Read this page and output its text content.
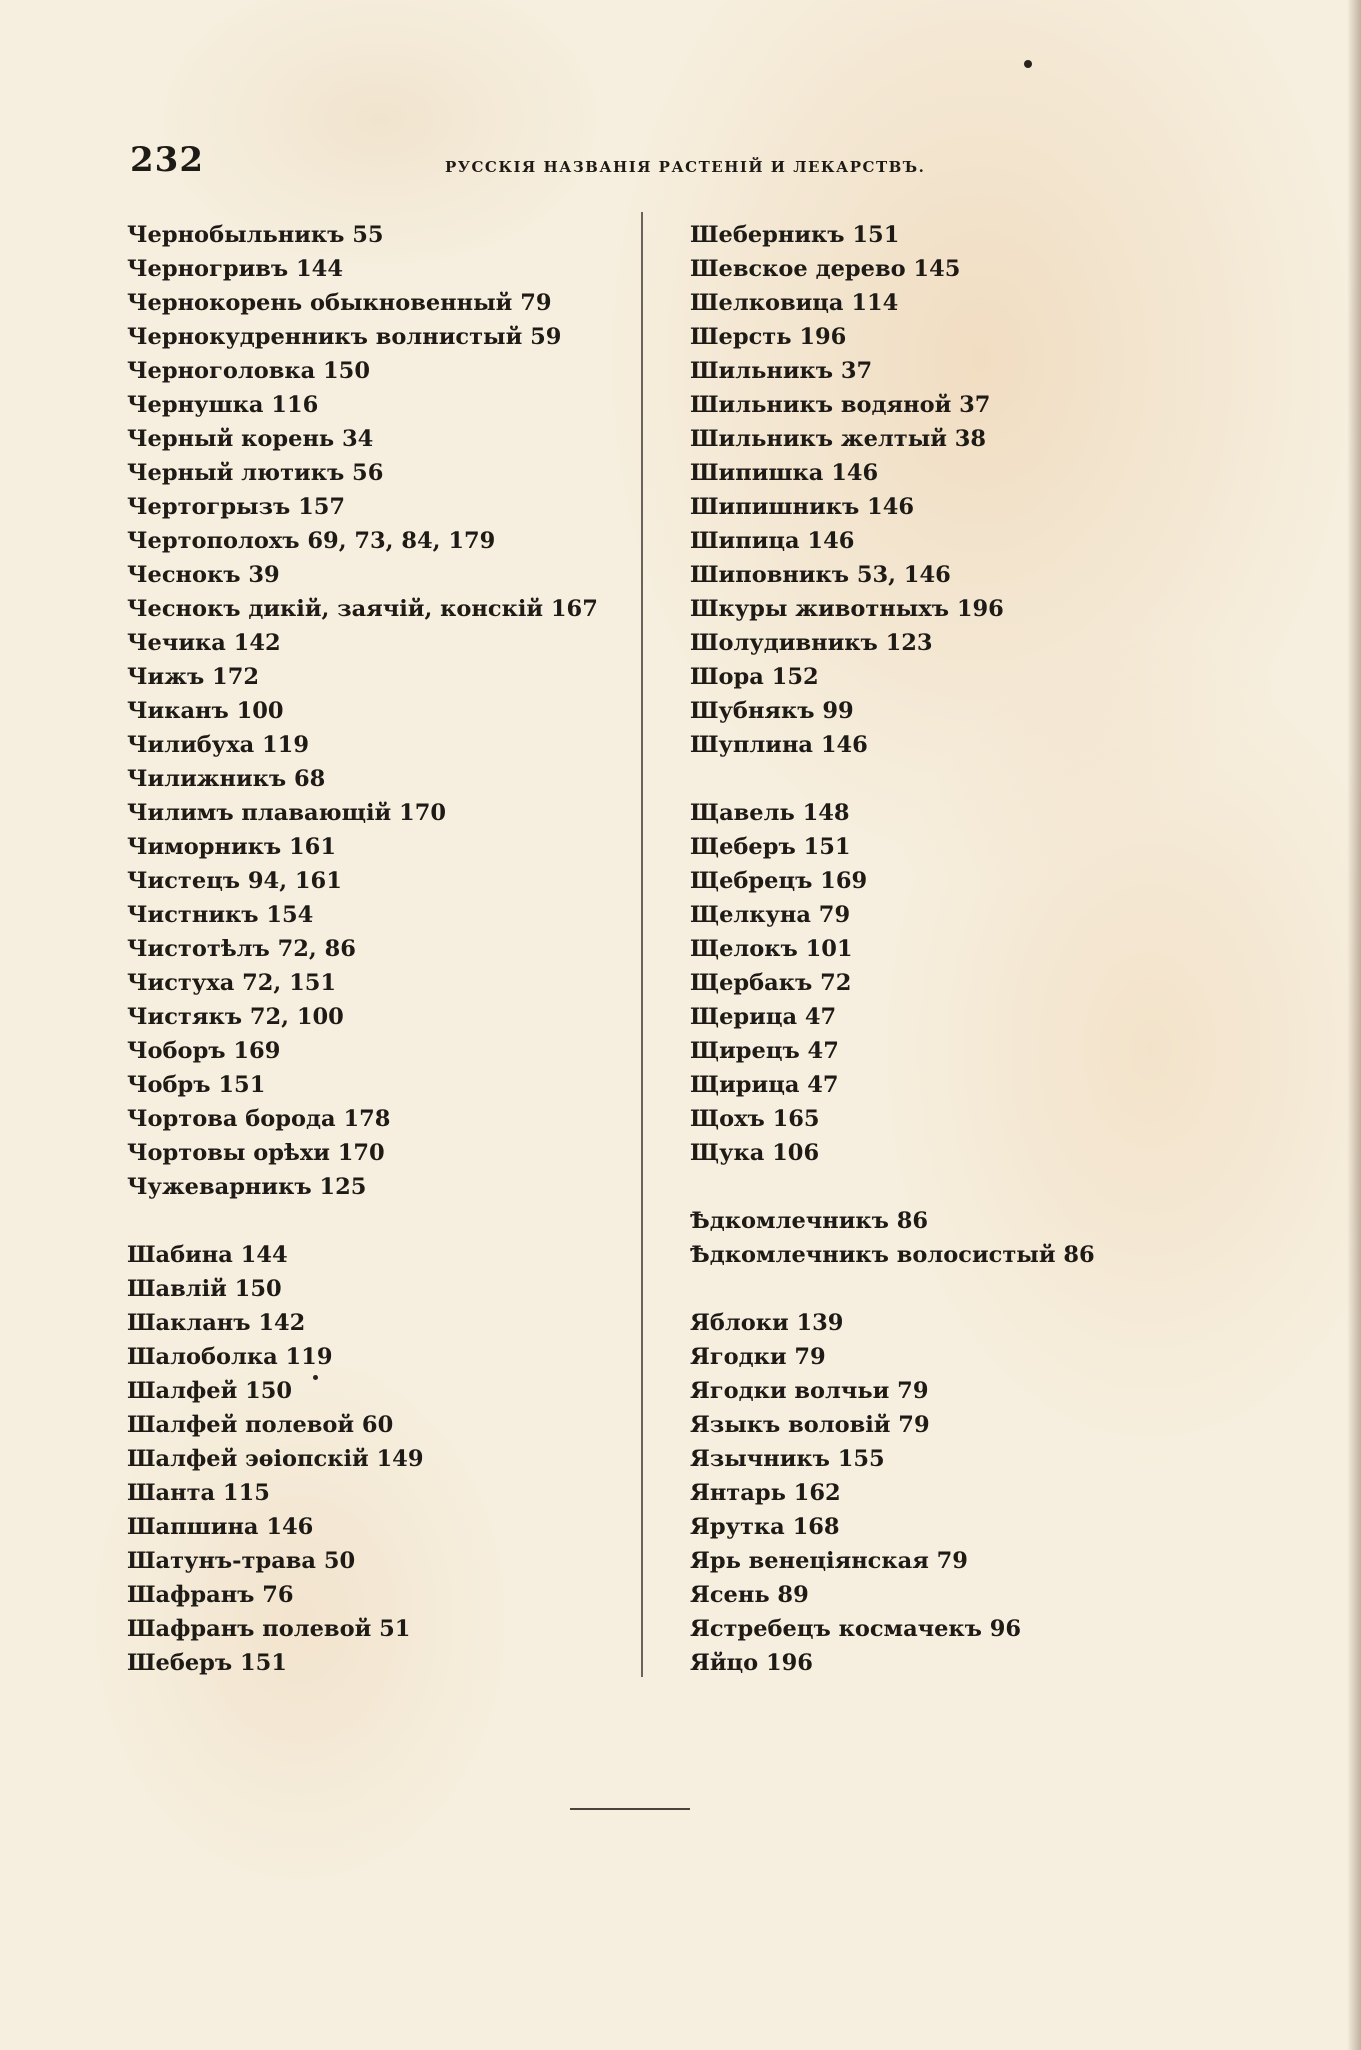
232	РУССКІЯ НАЗВАНІЯ РАСТЕНІЙ И ЛЕКАРСТВЪ.
Чернобыльникъ 55
Черногривъ 144
Чернокорень обыкновенный 79
Чернокудренникъ волнистый 59
Черноголовка 150
Чернушка 116
Черный корень 34
Черный лютикъ 56
Чертогрызъ 157
Чертополохъ 69, 73, 84, 179
Чеснокъ 39
Чеснокъ дикій, заячій, конскій 167
Чечика 142
Чижъ 172
Чиканъ 100
Чилибуха 119
Чилижникъ 68
Чилимъ плавающій 170
Чиморникъ 161
Чистецъ 94, 161
Чистникъ 154
Чистотѣлъ 72, 86
Чистуха 72, 151
Чистякъ 72, 100
Чоборъ 169
Чобръ 151
Чортова борода 178
Чортовы орѣхи 170
Чужеварникъ 125
Шабина 144
Шавлій 150
Шакланъ 142
Шалоболка 119
Шалфей 150
Шалфей полевой 60
Шалфей эѳіопскій 149
Шанта 115
Шапшина 146
Шатунъ-трава 50
Шафранъ 76
Шафранъ полевой 51
Шеберъ 151
Шеберникъ 151
Шевское дерево 145
Шелковица 114
Шерсть 196
Шильникъ 37
Шильникъ водяной 37
Шильникъ желтый 38
Шипишка 146
Шипишникъ 146
Шипица 146
Шиповникъ 53, 146
Шкуры животныхъ 196
Шолудивникъ 123
Шора 152
Шубнякъ 99
Шуплина 146
Щавель 148
Щеберъ 151
Щебрецъ 169
Щелкуна 79
Щелокъ 101
Щербакъ 72
Щерица 47
Щирецъ 47
Щирица 47
Щохъ 165
Щука 106
Ѣдкомлечникъ 86
Ѣдкомлечникъ волосистый 86
Яблоки 139
Ягодки 79
Ягодки волчьи 79
Языкъ воловій 79
Язычникъ 155
Янтарь 162
Ярутка 168
Ярь венеціянская 79
Ясень 89
Ястребецъ космачекъ 96
Яйцо 196
